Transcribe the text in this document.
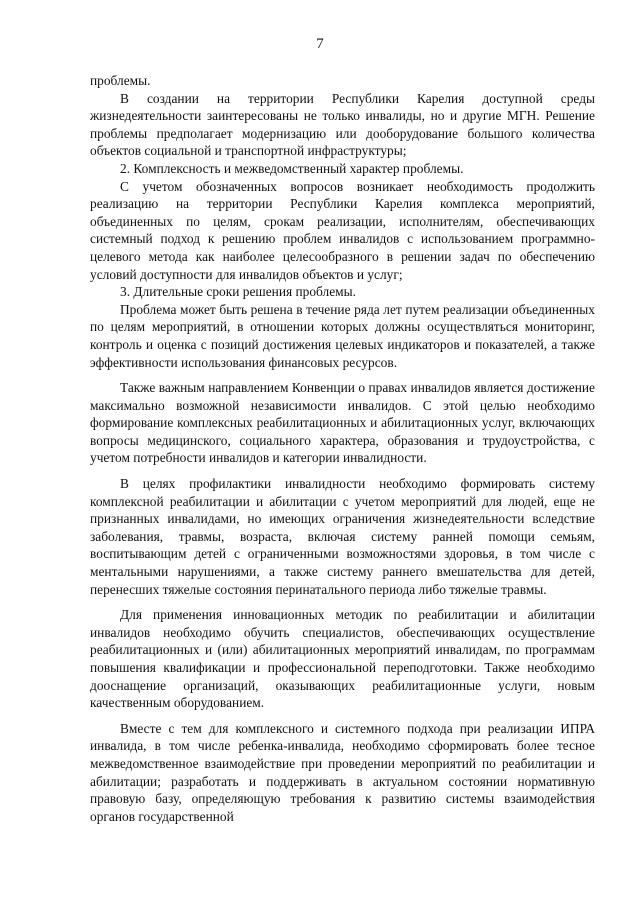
7

проблемы.

В создании на территории Республики Карелия доступной среды жизнедеятельности заинтересованы не только инвалиды, но и другие МГН. Решение проблемы предполагает модернизацию или дооборудование большого количества объектов социальной и транспортной инфраструктуры;

2. Комплексность и межведомственный характер проблемы.

С учетом обозначенных вопросов возникает необходимость продолжить реализацию на территории Республики Карелия комплекса мероприятий, объединенных по целям, срокам реализации, исполнителям, обеспечивающих системный подход к решению проблем инвалидов с использованием программно-целевого метода как наиболее целесообразного в решении задач по обеспечению условий доступности для инвалидов объектов и услуг;

3. Длительные сроки решения проблемы.

Проблема может быть решена в течение ряда лет путем реализации объединенных по целям мероприятий, в отношении которых должны осуществляться мониторинг, контроль и оценка с позиций достижения целевых индикаторов и показателей, а также эффективности использования финансовых ресурсов.

Также важным направлением Конвенции о правах инвалидов является достижение максимально возможной независимости инвалидов. С этой целью необходимо формирование комплексных реабилитационных и абилитационных услуг, включающих вопросы медицинского, социального характера, образования и трудоустройства, с учетом потребности инвалидов и категории инвалидности.

В целях профилактики инвалидности необходимо формировать систему комплексной реабилитации и абилитации с учетом мероприятий для людей, еще не признанных инвалидами, но имеющих ограничения жизнедеятельности вследствие заболевания, травмы, возраста, включая систему ранней помощи семьям, воспитывающим детей с ограниченными возможностями здоровья, в том числе с ментальными нарушениями, а также систему раннего вмешательства для детей, перенесших тяжелые состояния перинатального периода либо тяжелые травмы.

Для применения инновационных методик по реабилитации и абилитации инвалидов необходимо обучить специалистов, обеспечивающих осуществление реабилитационных и (или) абилитационных мероприятий инвалидам, по программам повышения квалификации и профессиональной переподготовки. Также необходимо дооснащение организаций, оказывающих реабилитационные услуги, новым качественным оборудованием.

Вместе с тем для комплексного и системного подхода при реализации ИПРА инвалида, в том числе ребенка-инвалида, необходимо сформировать более тесное межведомственное взаимодействие при проведении мероприятий по реабилитации и абилитации; разработать и поддерживать в актуальном состоянии нормативную правовую базу, определяющую требования к развитию системы взаимодействия органов государственной
